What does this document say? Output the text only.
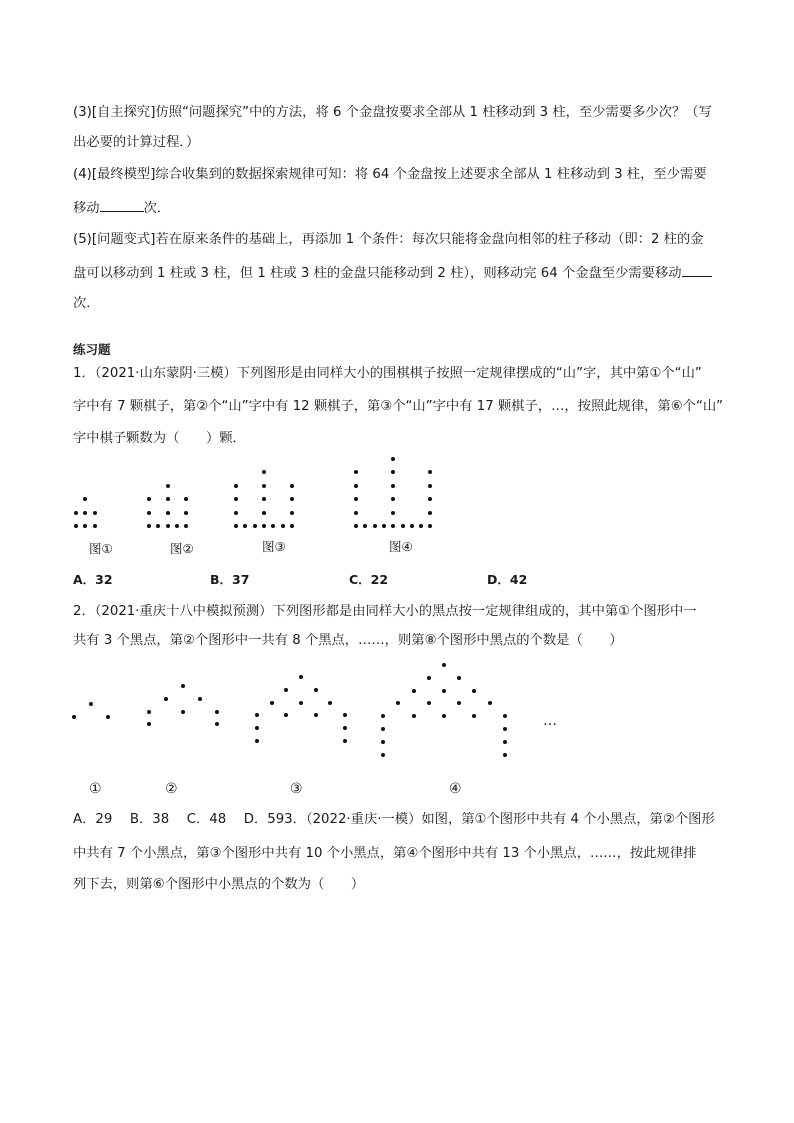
(3)[自主探究]仿照“问题探究”中的方法，将 6 个金盘按要求全部从 1 柱移动到 3 柱，至少需要多少次？（写
出必要的计算过程．）
(4)[最终模型]综合收集到的数据探索规律可知：将 64 个金盘按上述要求全部从 1 柱移动到 3 柱，至少需要
移动	次．
(5)[问题变式]若在原来条件的基础上，再添加 1 个条件：每次只能将金盘向相邻的柱子移动（即：2 柱的金
盘可以移动到 1 柱或 3 柱，但 1 柱或 3 柱的金盘只能移动到 2 柱），则移动完 64 个金盘至少需要移动
次．
练习题
1．（2021·山东蒙阴·三模）下列图形是由同样大小的围棋棋子按照一定规律摆成的“山”字，其中第①个“山”
字中有 7 颗棋子，第②个“山”字中有 12 颗棋子，第③个“山”字中有 17 颗棋子，…，按照此规律，第⑥个“山”
字中棋子颗数为（　　）颗．
图①	图②	图③	图④
A．32	B．37	C．22	D．42
2．（2021·重庆十八中模拟预测）下列图形都是由同样大小的黑点按一定规律组成的，其中第①个图形中一
共有 3 个黑点，第②个图形中一共有 8 个黑点，……，则第⑧个图形中黑点的个数是（　　）
…
①	②	③	④
A．29　 B．38　 C．48　 D．593．（2022·重庆·一模）如图，第①个图形中共有 4 个小黑点，第②个图形
中共有 7 个小黑点，第③个图形中共有 10 个小黑点，第④个图形中共有 13 个小黑点，……，按此规律排
列下去，则第⑥个图形中小黑点的个数为（　　）
